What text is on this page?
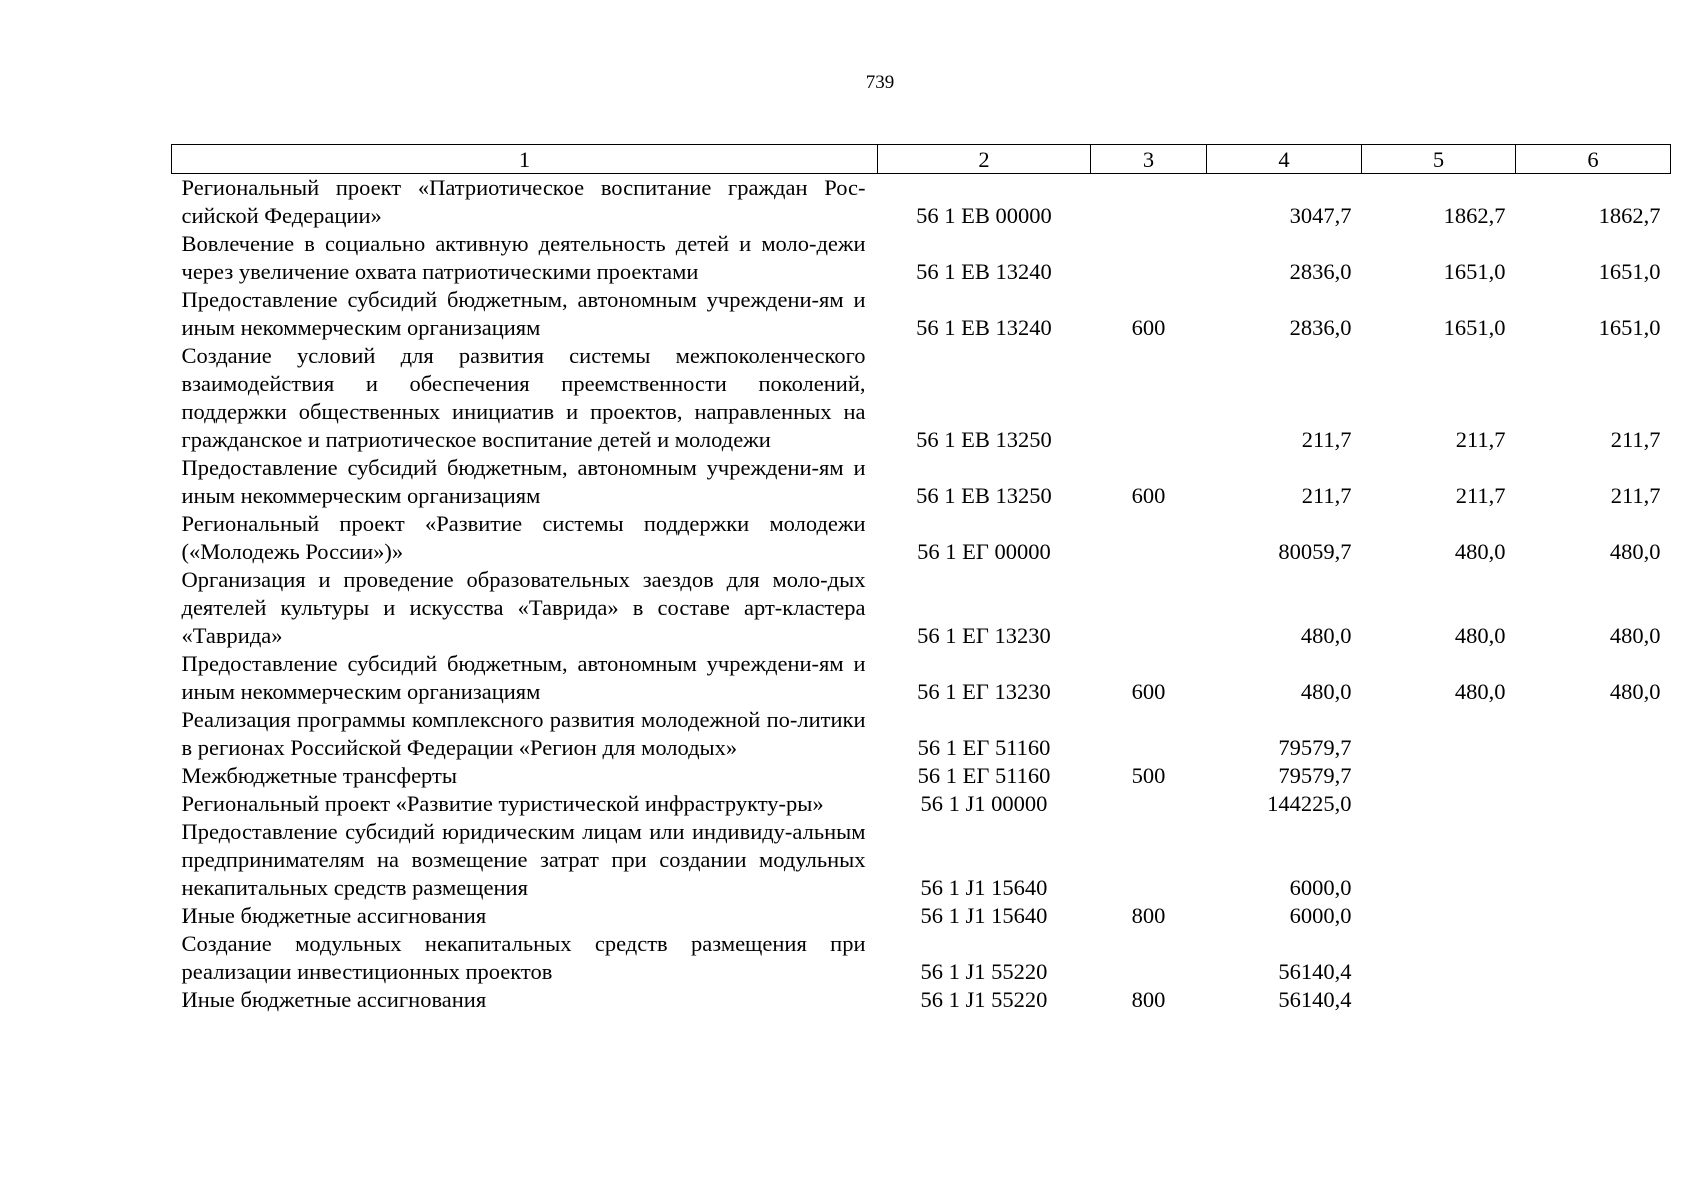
739
1	2	3	4	5	6
Региональный проект «Патриотическое воспитание граждан Рос-сийской Федерации»	56 1 EB 00000		3047,7	1862,7	1862,7
Вовлечение в социально активную деятельность детей и моло-дежи через увеличение охвата патриотическими проектами	56 1 EB 13240		2836,0	1651,0	1651,0
Предоставление субсидий бюджетным, автономным учреждени-ям и иным некоммерческим организациям	56 1 EB 13240	600	2836,0	1651,0	1651,0
Создание условий для развития системы межпоколенческого взаимодействия и обеспечения преемственности поколений, поддержки общественных инициатив и проектов, направленных на гражданское и патриотическое воспитание детей и молодежи	56 1 EB 13250		211,7	211,7	211,7
Предоставление субсидий бюджетным, автономным учреждени-ям и иным некоммерческим организациям	56 1 EB 13250	600	211,7	211,7	211,7
Региональный проект «Развитие системы поддержки молодежи («Молодежь России»)»	56 1 EГ 00000		80059,7	480,0	480,0
Организация и проведение образовательных заездов для моло-дых деятелей культуры и искусства «Таврида» в составе арт-кластера «Таврида»	56 1 EГ 13230		480,0	480,0	480,0
Предоставление субсидий бюджетным, автономным учреждени-ям и иным некоммерческим организациям	56 1 EГ 13230	600	480,0	480,0	480,0
Реализация программы комплексного развития молодежной по-литики в регионах Российской Федерации «Регион для молодых»	56 1 EГ 51160		79579,7		
Межбюджетные трансферты	56 1 EГ 51160	500	79579,7		
Региональный проект «Развитие туристической инфраструкту-ры»	56 1 J1 00000		144225,0		
Предоставление субсидий юридическим лицам или индивиду-альным предпринимателям на возмещение затрат при создании модульных некапитальных средств размещения	56 1 J1 15640		6000,0		
Иные бюджетные ассигнования	56 1 J1 15640	800	6000,0		
Создание модульных некапитальных средств размещения при реализации инвестиционных проектов	56 1 J1 55220		56140,4		
Иные бюджетные ассигнования	56 1 J1 55220	800	56140,4		
